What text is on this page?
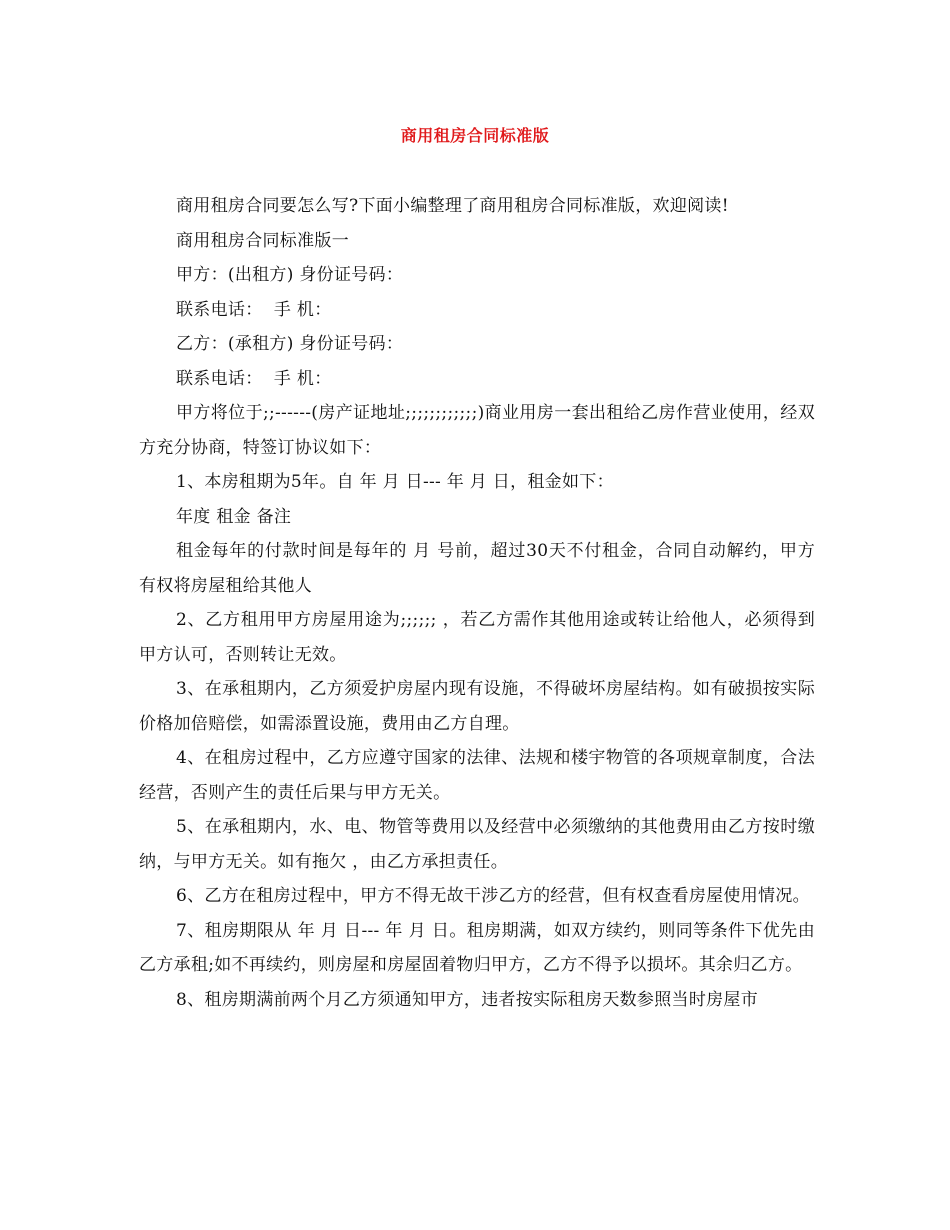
商用租房合同标准版

商用租房合同要怎么写?下面小编整理了商用租房合同标准版，欢迎阅读!

商用租房合同标准版一

甲方：(出租方) 身份证号码：

联系电话：  手 机：

乙方：(承租方) 身份证号码：

联系电话：  手 机：

甲方将位于;;------(房产证地址;;;;;;;;;;;;)商业用房一套出租给乙房作营业使用，经双方充分协商，特签订协议如下：

1、本房租期为5年。自 年 月 日--- 年 月 日，租金如下：

年度 租金 备注

租金每年的付款时间是每年的 月 号前，超过30天不付租金，合同自动解约，甲方有权将房屋租给其他人

2、乙方租用甲方房屋用途为;;;;;; ，若乙方需作其他用途或转让给他人，必须得到甲方认可，否则转让无效。

3、在承租期内，乙方须爱护房屋内现有设施，不得破坏房屋结构。如有破损按实际价格加倍赔偿，如需添置设施，费用由乙方自理。

4、在租房过程中，乙方应遵守国家的法律、法规和楼宇物管的各项规章制度，合法经营，否则产生的责任后果与甲方无关。

5、在承租期内，水、电、物管等费用以及经营中必须缴纳的其他费用由乙方按时缴纳，与甲方无关。如有拖欠 ，由乙方承担责任。

6、乙方在租房过程中，甲方不得无故干涉乙方的经营，但有权查看房屋使用情况。

7、租房期限从 年 月 日--- 年 月 日。租房期满，如双方续约，则同等条件下优先由乙方承租;如不再续约，则房屋和房屋固着物归甲方，乙方不得予以损坏。其余归乙方。

8、租房期满前两个月乙方须通知甲方，违者按实际租房天数参照当时房屋市
